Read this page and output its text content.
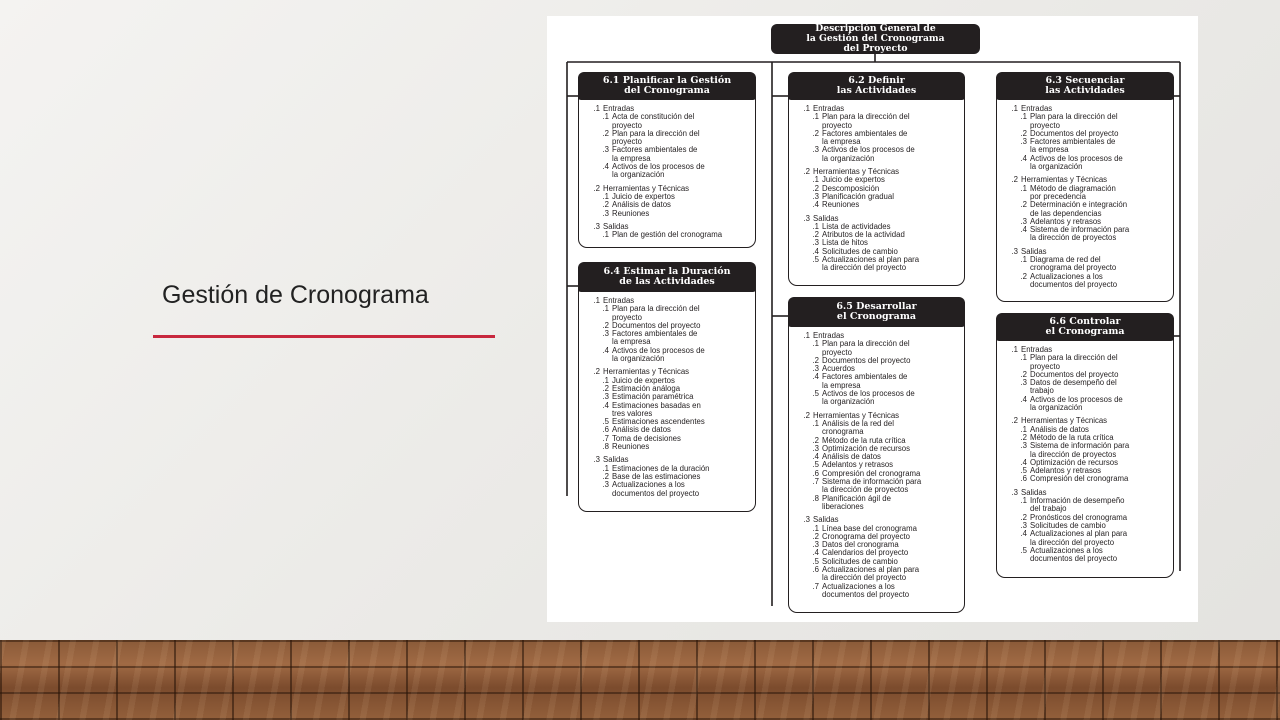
Gestión de Cronograma
Descripción General de
la Gestión del Cronograma
del Proyecto
6.1 Planificar la Gestión
del Cronograma
.1 Entradas
.1 Acta de constitución del
proyecto
.2 Plan para la dirección del
proyecto
.3 Factores ambientales de
la empresa
.4 Activos de los procesos de
la organización
.2 Herramientas y Técnicas
.1 Juicio de expertos
.2 Análisis de datos
.3 Reuniones
.3 Salidas
.1 Plan de gestión del cronograma
6.2 Definir
las Actividades
.1 Entradas
.1 Plan para la dirección del
proyecto
.2 Factores ambientales de
la empresa
.3 Activos de los procesos de
la organización
.2 Herramientas y Técnicas
.1 Juicio de expertos
.2 Descomposición
.3 Planificación gradual
.4 Reuniones
.3 Salidas
.1 Lista de actividades
.2 Atributos de la actividad
.3 Lista de hitos
.4 Solicitudes de cambio
.5 Actualizaciones al plan para
la dirección del proyecto
6.3 Secuenciar
las Actividades
.1 Entradas
.1 Plan para la dirección del
proyecto
.2 Documentos del proyecto
.3 Factores ambientales de
la empresa
.4 Activos de los procesos de
la organización
.2 Herramientas y Técnicas
.1 Método de diagramación
por precedencia
.2 Determinación e integración
de las dependencias
.3 Adelantos y retrasos
.4 Sistema de información para
la dirección de proyectos
.3 Salidas
.1 Diagrama de red del
cronograma del proyecto
.2 Actualizaciones a los
documentos del proyecto
6.4 Estimar la Duración
de las Actividades
.1 Entradas
.1 Plan para la dirección del
proyecto
.2 Documentos del proyecto
.3 Factores ambientales de
la empresa
.4 Activos de los procesos de
la organización
.2 Herramientas y Técnicas
.1 Juicio de expertos
.2 Estimación análoga
.3 Estimación paramétrica
.4 Estimaciones basadas en
tres valores
.5 Estimaciones ascendentes
.6 Análisis de datos
.7 Toma de decisiones
.8 Reuniones
.3 Salidas
.1 Estimaciones de la duración
.2 Base de las estimaciones
.3 Actualizaciones a los
documentos del proyecto
6.5 Desarrollar
el Cronograma
.1 Entradas
.1 Plan para la dirección del
proyecto
.2 Documentos del proyecto
.3 Acuerdos
.4 Factores ambientales de
la empresa
.5 Activos de los procesos de
la organización
.2 Herramientas y Técnicas
.1 Análisis de la red del
cronograma
.2 Método de la ruta crítica
.3 Optimización de recursos
.4 Análisis de datos
.5 Adelantos y retrasos
.6 Compresión del cronograma
.7 Sistema de información para
la dirección de proyectos
.8 Planificación ágil de
liberaciones
.3 Salidas
.1 Línea base del cronograma
.2 Cronograma del proyecto
.3 Datos del cronograma
.4 Calendarios del proyecto
.5 Solicitudes de cambio
.6 Actualizaciones al plan para
la dirección del proyecto
.7 Actualizaciones a los
documentos del proyecto
6.6 Controlar
el Cronograma
.1 Entradas
.1 Plan para la dirección del
proyecto
.2 Documentos del proyecto
.3 Datos de desempeño del
trabajo
.4 Activos de los procesos de
la organización
.2 Herramientas y Técnicas
.1 Análisis de datos
.2 Método de la ruta crítica
.3 Sistema de información para
la dirección de proyectos
.4 Optimización de recursos
.5 Adelantos y retrasos
.6 Compresión del cronograma
.3 Salidas
.1 Información de desempeño
del trabajo
.2 Pronósticos del cronograma
.3 Solicitudes de cambio
.4 Actualizaciones al plan para
la dirección del proyecto
.5 Actualizaciones a los
documentos del proyecto
